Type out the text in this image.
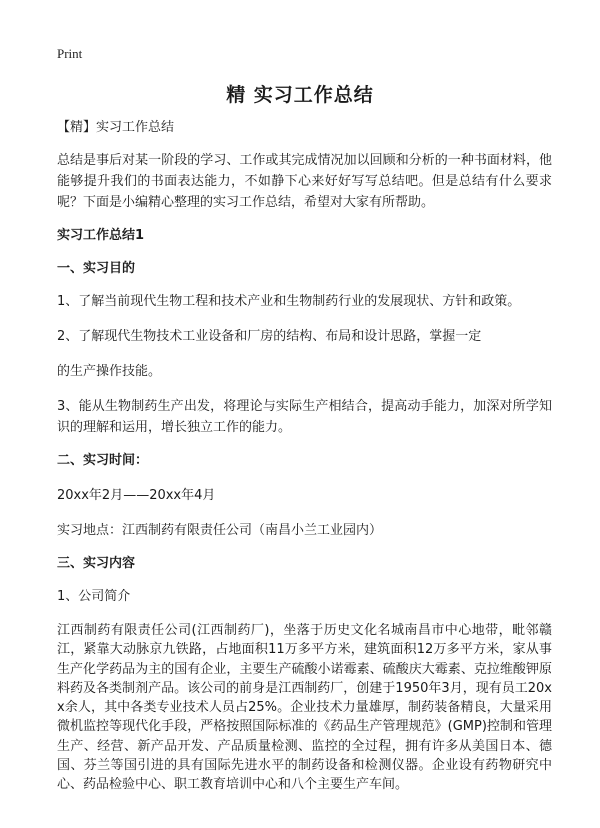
Print
精 实习工作总结

【精】实习工作总结

总结是事后对某一阶段的学习、工作或其完成情况加以回顾和分析的一种书面材料，他能够提升我们的书面表达能力，不如静下心来好好写写总结吧。但是总结有什么要求呢？下面是小编精心整理的实习工作总结，希望对大家有所帮助。

实习工作总结1

一、实习目的

1、了解当前现代生物工程和技术产业和生物制药行业的发展现状、方针和政策。

2、了解现代生物技术工业设备和厂房的结构、布局和设计思路，掌握一定

的生产操作技能。

3、能从生物制药生产出发，将理论与实际生产相结合，提高动手能力，加深对所学知识的理解和运用，增长独立工作的能力。

二、实习时间：

20xx年2月——20xx年4月

实习地点：江西制药有限责任公司（南昌小兰工业园内）

三、实习内容

1、公司简介

江西制药有限责任公司(江西制药厂)，坐落于历史文化名城南昌市中心地带，毗邻赣江，紧靠大动脉京九铁路，占地面积11万多平方米，建筑面积12万多平方米，家从事生产化学药品为主的国有企业，主要生产硫酸小诺霉素、硫酸庆大霉素、克拉维酸钾原料药及各类制剂产品。该公司的前身是江西制药厂，创建于1950年3月，现有员工20xx余人，其中各类专业技术人员占25%。企业技术力量雄厚，制药装备精良，大量采用微机监控等现代化手段，严格按照国际标准的《药品生产管理规范》(GMP)控制和管理生产、经营、新产品开发、产品质量检测、监控的全过程，拥有许多从美国日本、德国、芬兰等国引进的具有国际先进水平的制药设备和检测仪器。企业设有药物研究中心、药品检验中心、职工教育培训中心和八个主要生产车间。
